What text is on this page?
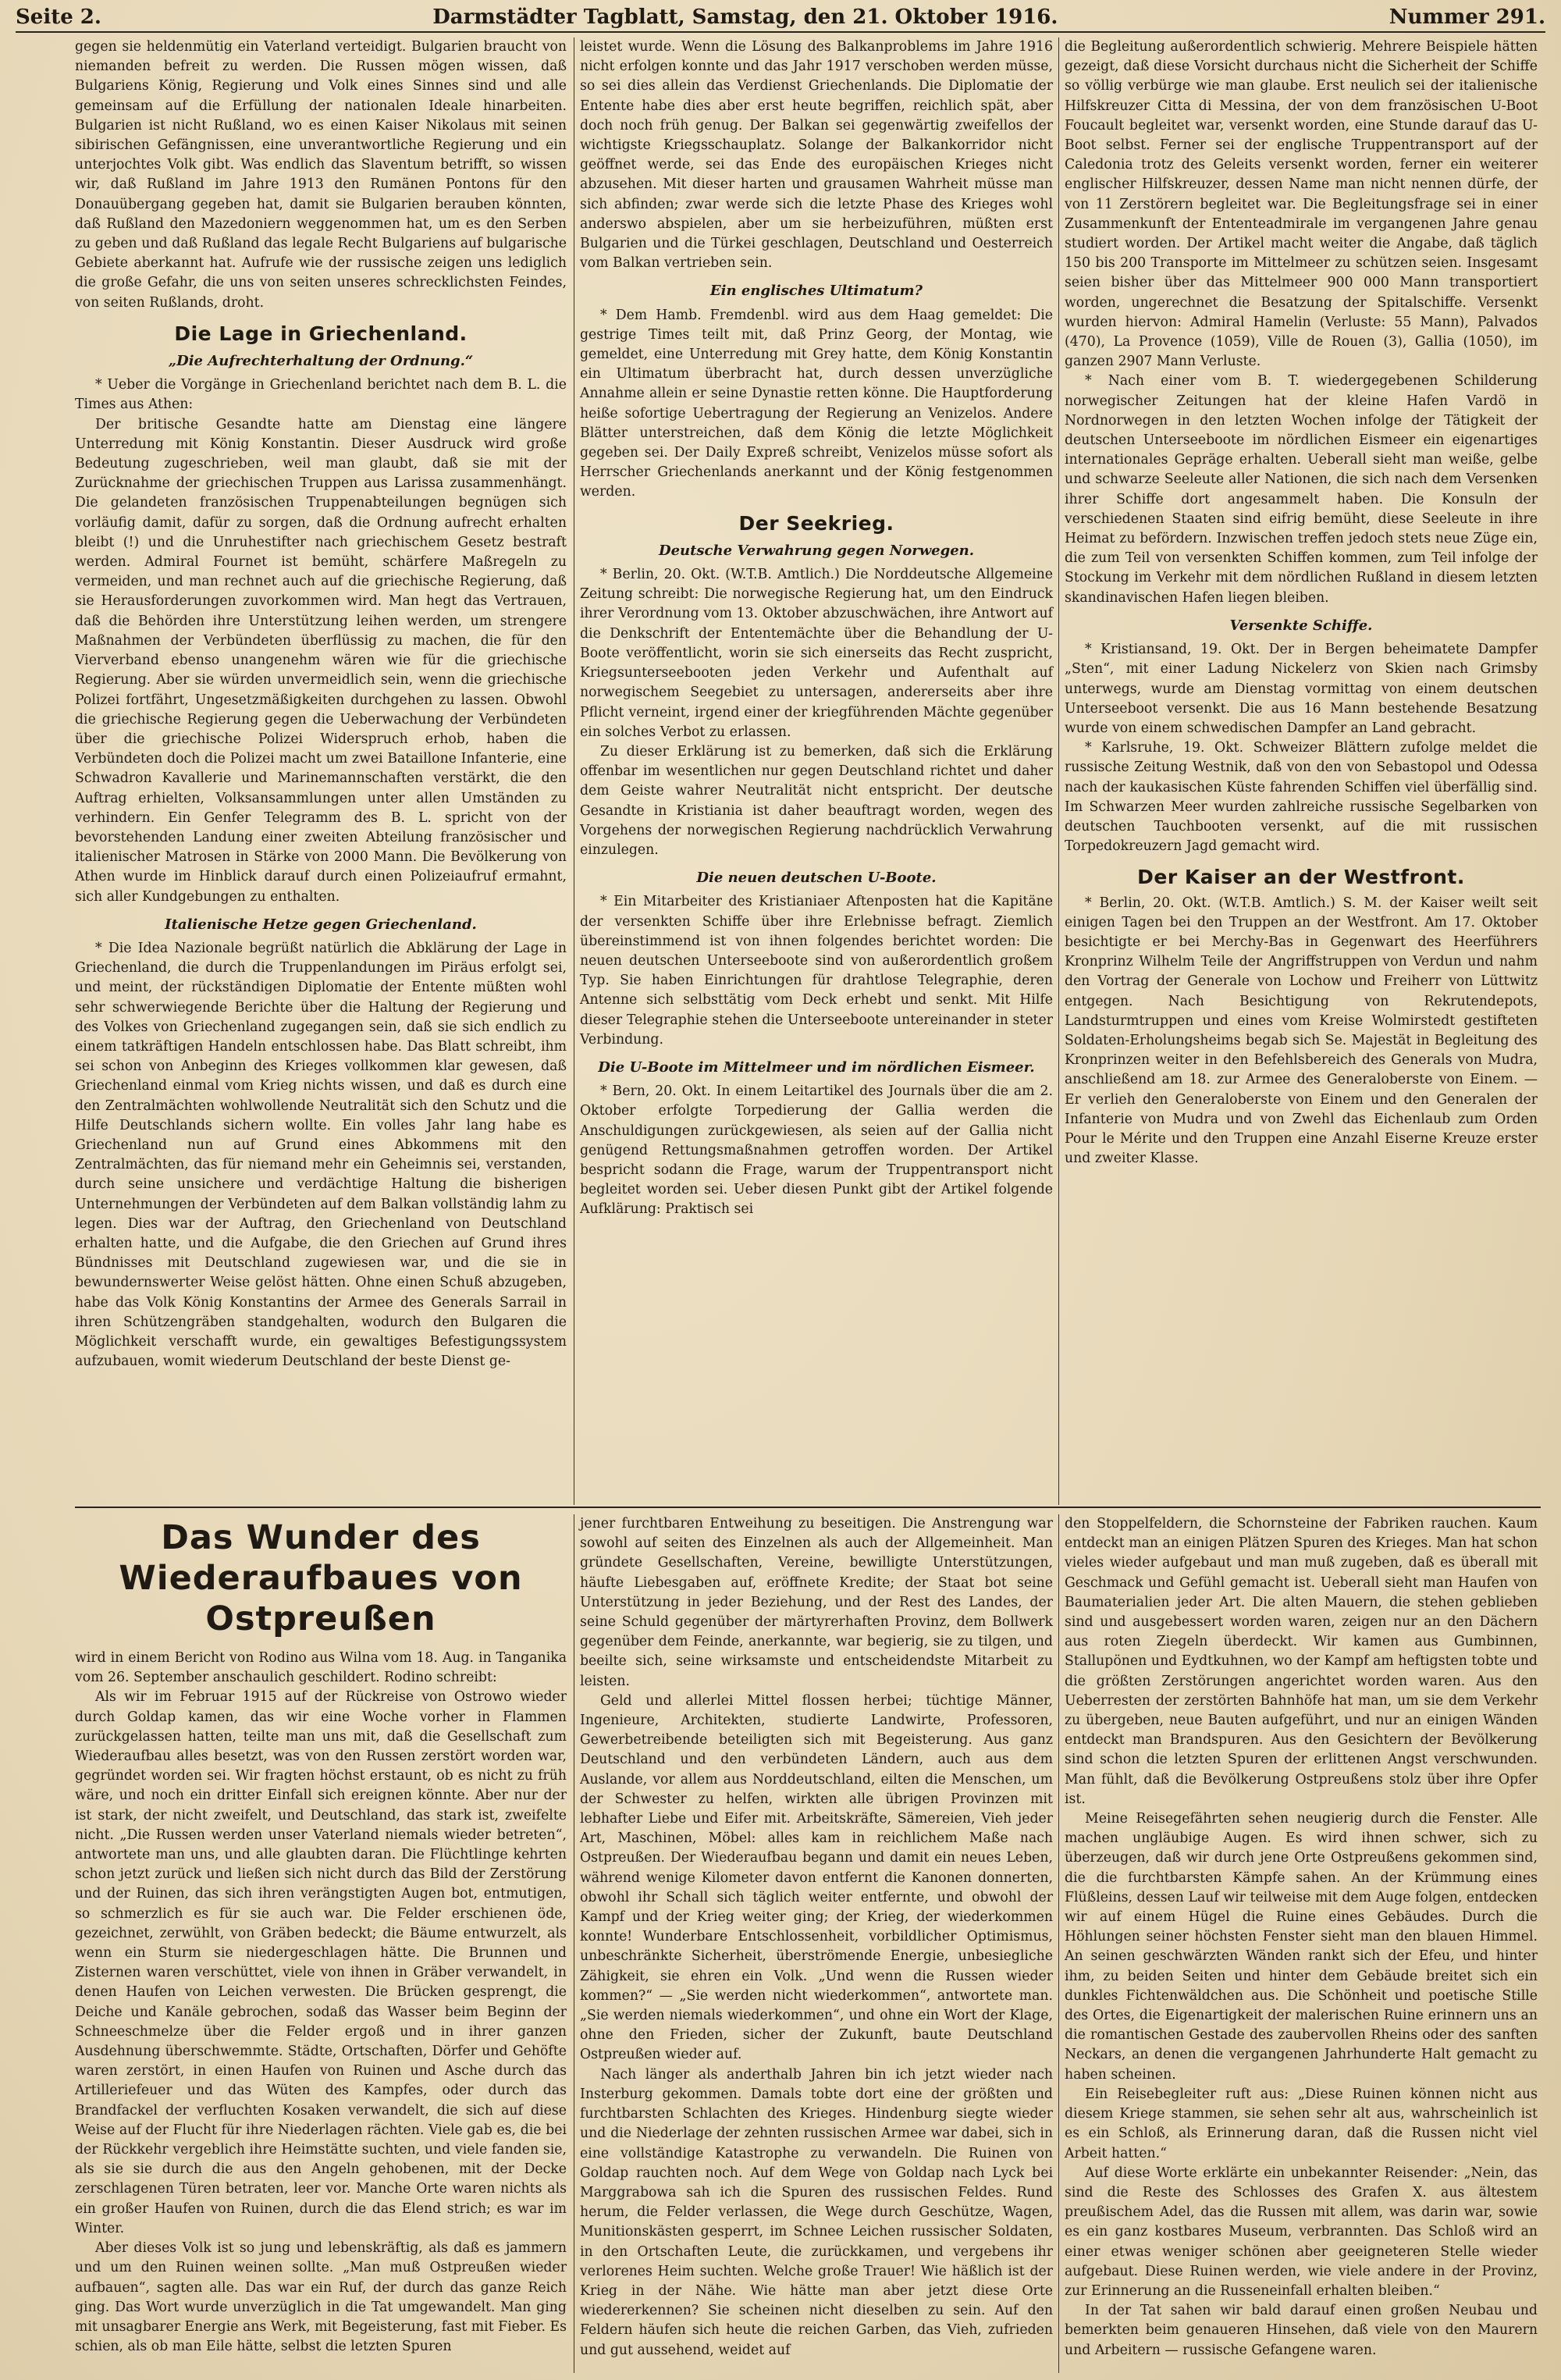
Seite 2.	Darmstädter Tagblatt, Samstag, den 21. Oktober 1916.	Nummer 291.

gegen sie heldenmütig ein Vaterland verteidigt. Bulgarien braucht von niemanden befreit zu werden. Die Russen mögen wissen, daß Bulgariens König, Regierung und Volk eines Sinnes sind und alle gemeinsam auf die Erfüllung der nationalen Ideale hinarbeiten. Bulgarien ist nicht Rußland, wo es einen Kaiser Nikolaus mit seinen sibirischen Gefängnissen, eine unverantwortliche Regierung und ein unterjochtes Volk gibt. Was endlich das Slaventum betrifft, so wissen wir, daß Rußland im Jahre 1913 den Rumänen Pontons für den Donauübergang gegeben hat, damit sie Bulgarien berauben könnten, daß Rußland den Mazedoniern weggenommen hat, um es den Serben zu geben und daß Rußland das legale Recht Bulgariens auf bulgarische Gebiete aberkannt hat. Aufrufe wie der russische zeigen uns lediglich die große Gefahr, die uns von seiten unseres schrecklichsten Feindes, von seiten Rußlands, droht.

Die Lage in Griechenland.
„Die Aufrechterhaltung der Ordnung.“

* Ueber die Vorgänge in Griechenland berichtet nach dem B. L. die Times aus Athen:

Der britische Gesandte hatte am Dienstag eine längere Unterredung mit König Konstantin. Dieser Ausdruck wird große Bedeutung zugeschrieben, weil man glaubt, daß sie mit der Zurücknahme der griechischen Truppen aus Larissa zusammenhängt. Die gelandeten französischen Truppenabteilungen begnügen sich vorläufig damit, dafür zu sorgen, daß die Ordnung aufrecht erhalten bleibt (!) und die Unruhestifter nach griechischem Gesetz bestraft werden. Admiral Fournet ist bemüht, schärfere Maßregeln zu vermeiden, und man rechnet auch auf die griechische Regierung, daß sie Herausforderungen zuvorkommen wird. Man hegt das Vertrauen, daß die Behörden ihre Unterstützung leihen werden, um strengere Maßnahmen der Verbündeten überflüssig zu machen, die für den Vierverband ebenso unangenehm wären wie für die griechische Regierung. Aber sie würden unvermeidlich sein, wenn die griechische Polizei fortfährt, Ungesetzmäßigkeiten durchgehen zu lassen. Obwohl die griechische Regierung gegen die Ueberwachung der Verbündeten über die griechische Polizei Widerspruch erhob, haben die Verbündeten doch die Polizei macht um zwei Bataillone Infanterie, eine Schwadron Kavallerie und Marinemannschaften verstärkt, die den Auftrag erhielten, Volksansammlungen unter allen Umständen zu verhindern. Ein Genfer Telegramm des B. L. spricht von der bevorstehenden Landung einer zweiten Abteilung französischer und italienischer Matrosen in Stärke von 2000 Mann. Die Bevölkerung von Athen wurde im Hinblick darauf durch einen Polizeiaufruf ermahnt, sich aller Kundgebungen zu enthalten.

Italienische Hetze gegen Griechenland.

* Die Idea Nazionale begrüßt natürlich die Abklärung der Lage in Griechenland, die durch die Truppenlandungen im Piräus erfolgt sei, und meint, der rückständigen Diplomatie der Entente müßten wohl sehr schwerwiegende Berichte über die Haltung der Regierung und des Volkes von Griechenland zugegangen sein, daß sie sich endlich zu einem tatkräftigen Handeln entschlossen habe. Das Blatt schreibt, ihm sei schon von Anbeginn des Krieges vollkommen klar gewesen, daß Griechenland einmal vom Krieg nichts wissen, und daß es durch eine den Zentralmächten wohlwollende Neutralität sich den Schutz und die Hilfe Deutschlands sichern wollte. Ein volles Jahr lang habe es Griechenland nun auf Grund eines Abkommens mit den Zentralmächten, das für niemand mehr ein Geheimnis sei, verstanden, durch seine unsichere und verdächtige Haltung die bisherigen Unternehmungen der Verbündeten auf dem Balkan vollständig lahm zu legen. Dies war der Auftrag, den Griechenland von Deutschland erhalten hatte, und die Aufgabe, die den Griechen auf Grund ihres Bündnisses mit Deutschland zugewiesen war, und die sie in bewundernswerter Weise gelöst hätten. Ohne einen Schuß abzugeben, habe das Volk König Konstantins der Armee des Generals Sarrail in ihren Schützengräben standgehalten, wodurch den Bulgaren die Möglichkeit verschafft wurde, ein gewaltiges Befestigungssystem aufzubauen, womit wiederum Deutschland der beste Dienst ge-

leistet wurde. Wenn die Lösung des Balkanproblems im Jahre 1916 nicht erfolgen konnte und das Jahr 1917 verschoben werden müsse, so sei dies allein das Verdienst Griechenlands. Die Diplomatie der Entente habe dies aber erst heute begriffen, reichlich spät, aber doch noch früh genug. Der Balkan sei gegenwärtig zweifellos der wichtigste Kriegsschauplatz. Solange der Balkankorridor nicht geöffnet werde, sei das Ende des europäischen Krieges nicht abzusehen. Mit dieser harten und grausamen Wahrheit müsse man sich abfinden; zwar werde sich die letzte Phase des Krieges wohl anderswo abspielen, aber um sie herbeizuführen, müßten erst Bulgarien und die Türkei geschlagen, Deutschland und Oesterreich vom Balkan vertrieben sein.

Ein englisches Ultimatum?

* Dem Hamb. Fremdenbl. wird aus dem Haag gemeldet: Die gestrige Times teilt mit, daß Prinz Georg, der Montag, wie gemeldet, eine Unterredung mit Grey hatte, dem König Konstantin ein Ultimatum überbracht hat, durch dessen unverzügliche Annahme allein er seine Dynastie retten könne. Die Hauptforderung heiße sofortige Uebertragung der Regierung an Venizelos. Andere Blätter unterstreichen, daß dem König die letzte Möglichkeit gegeben sei. Der Daily Expreß schreibt, Venizelos müsse sofort als Herrscher Griechenlands anerkannt und der König festgenommen werden.

Der Seekrieg.
Deutsche Verwahrung gegen Norwegen.

* Berlin, 20. Okt. (W.T.B. Amtlich.) Die Norddeutsche Allgemeine Zeitung schreibt: Die norwegische Regierung hat, um den Eindruck ihrer Verordnung vom 13. Oktober abzuschwächen, ihre Antwort auf die Denkschrift der Ententemächte über die Behandlung der U-Boote veröffentlicht, worin sie sich einerseits das Recht zuspricht, Kriegsunterseebooten jeden Verkehr und Aufenthalt auf norwegischem Seegebiet zu untersagen, andererseits aber ihre Pflicht verneint, irgend einer der kriegführenden Mächte gegenüber ein solches Verbot zu erlassen.

Zu dieser Erklärung ist zu bemerken, daß sich die Erklärung offenbar im wesentlichen nur gegen Deutschland richtet und daher dem Geiste wahrer Neutralität nicht entspricht. Der deutsche Gesandte in Kristiania ist daher beauftragt worden, wegen des Vorgehens der norwegischen Regierung nachdrücklich Verwahrung einzulegen.

Die neuen deutschen U-Boote.

* Ein Mitarbeiter des Kristianiaer Aftenposten hat die Kapitäne der versenkten Schiffe über ihre Erlebnisse befragt. Ziemlich übereinstimmend ist von ihnen folgendes berichtet worden: Die neuen deutschen Unterseeboote sind von außerordentlich großem Typ. Sie haben Einrichtungen für drahtlose Telegraphie, deren Antenne sich selbsttätig vom Deck erhebt und senkt. Mit Hilfe dieser Telegraphie stehen die Unterseeboote untereinander in steter Verbindung.

Die U-Boote im Mittelmeer und im nördlichen Eismeer.

* Bern, 20. Okt. In einem Leitartikel des Journals über die am 2. Oktober erfolgte Torpedierung der Gallia werden die Anschuldigungen zurückgewiesen, als seien auf der Gallia nicht genügend Rettungsmaßnahmen getroffen worden. Der Artikel bespricht sodann die Frage, warum der Truppentransport nicht begleitet worden sei. Ueber diesen Punkt gibt der Artikel folgende Aufklärung: Praktisch sei

die Begleitung außerordentlich schwierig. Mehrere Beispiele hätten gezeigt, daß diese Vorsicht durchaus nicht die Sicherheit der Schiffe so völlig verbürge wie man glaube. Erst neulich sei der italienische Hilfskreuzer Citta di Messina, der von dem französischen U-Boot Foucault begleitet war, versenkt worden, eine Stunde darauf das U-Boot selbst. Ferner sei der englische Truppentransport auf der Caledonia trotz des Geleits versenkt worden, ferner ein weiterer englischer Hilfskreuzer, dessen Name man nicht nennen dürfe, der von 11 Zerstörern begleitet war. Die Begleitungsfrage sei in einer Zusammenkunft der Ententeadmirale im vergangenen Jahre genau studiert worden. Der Artikel macht weiter die Angabe, daß täglich 150 bis 200 Transporte im Mittelmeer zu schützen seien. Insgesamt seien bisher über das Mittelmeer 900 000 Mann transportiert worden, ungerechnet die Besatzung der Spitalschiffe. Versenkt wurden hiervon: Admiral Hamelin (Verluste: 55 Mann), Palvados (470), La Provence (1059), Ville de Rouen (3), Gallia (1050), im ganzen 2907 Mann Verluste.

* Nach einer vom B. T. wiedergegebenen Schilderung norwegischer Zeitungen hat der kleine Hafen Vardö in Nordnorwegen in den letzten Wochen infolge der Tätigkeit der deutschen Unterseeboote im nördlichen Eismeer ein eigenartiges internationales Gepräge erhalten. Ueberall sieht man weiße, gelbe und schwarze Seeleute aller Nationen, die sich nach dem Versenken ihrer Schiffe dort angesammelt haben. Die Konsuln der verschiedenen Staaten sind eifrig bemüht, diese Seeleute in ihre Heimat zu befördern. Inzwischen treffen jedoch stets neue Züge ein, die zum Teil von versenkten Schiffen kommen, zum Teil infolge der Stockung im Verkehr mit dem nördlichen Rußland in diesem letzten skandinavischen Hafen liegen bleiben.

Versenkte Schiffe.

* Kristiansand, 19. Okt. Der in Bergen beheimatete Dampfer „Sten“, mit einer Ladung Nickelerz von Skien nach Grimsby unterwegs, wurde am Dienstag vormittag von einem deutschen Unterseeboot versenkt. Die aus 16 Mann bestehende Besatzung wurde von einem schwedischen Dampfer an Land gebracht.

* Karlsruhe, 19. Okt. Schweizer Blättern zufolge meldet die russische Zeitung Westnik, daß von den von Sebastopol und Odessa nach der kaukasischen Küste fahrenden Schiffen viel überfällig sind. Im Schwarzen Meer wurden zahlreiche russische Segelbarken von deutschen Tauchbooten versenkt, auf die mit russischen Torpedokreuzern Jagd gemacht wird.

Der Kaiser an der Westfront.

* Berlin, 20. Okt. (W.T.B. Amtlich.) S. M. der Kaiser weilt seit einigen Tagen bei den Truppen an der Westfront. Am 17. Oktober besichtigte er bei Merchy-Bas in Gegenwart des Heerführers Kronprinz Wilhelm Teile der Angriffstruppen von Verdun und nahm den Vortrag der Generale von Lochow und Freiherr von Lüttwitz entgegen. Nach Besichtigung von Rekrutendepots, Landsturmtruppen und eines vom Kreise Wolmirstedt gestifteten Soldaten-Erholungsheims begab sich Se. Majestät in Begleitung des Kronprinzen weiter in den Befehlsbereich des Generals von Mudra, anschließend am 18. zur Armee des Generaloberste von Einem. — Er verlieh den Generaloberste von Einem und den Generalen der Infanterie von Mudra und von Zwehl das Eichenlaub zum Orden Pour le Mérite und den Truppen eine Anzahl Eiserne Kreuze erster und zweiter Klasse.

Das Wunder des Wiederaufbaues von Ostpreußen

wird in einem Bericht von Rodino aus Wilna vom 18. Aug. in Tanganika vom 26. September anschaulich geschildert. Rodino schreibt:

Als wir im Februar 1915 auf der Rückreise von Ostrowo wieder durch Goldap kamen, das wir eine Woche vorher in Flammen zurückgelassen hatten, teilte man uns mit, daß die Gesellschaft zum Wiederaufbau alles besetzt, was von den Russen zerstört worden war, gegründet worden sei. Wir fragten höchst erstaunt, ob es nicht zu früh wäre, und noch ein dritter Einfall sich ereignen könnte. Aber nur der ist stark, der nicht zweifelt, und Deutschland, das stark ist, zweifelte nicht. „Die Russen werden unser Vaterland niemals wieder betreten“, antwortete man uns, und alle glaubten daran. Die Flüchtlinge kehrten schon jetzt zurück und ließen sich nicht durch das Bild der Zerstörung und der Ruinen, das sich ihren verängstigten Augen bot, entmutigen, so schmerzlich es für sie auch war. Die Felder erschienen öde, gezeichnet, zerwühlt, von Gräben bedeckt; die Bäume entwurzelt, als wenn ein Sturm sie niedergeschlagen hätte. Die Brunnen und Zisternen waren verschüttet, viele von ihnen in Gräber verwandelt, in denen Haufen von Leichen verwesten. Die Brücken gesprengt, die Deiche und Kanäle gebrochen, sodaß das Wasser beim Beginn der Schneeschmelze über die Felder ergoß und in ihrer ganzen Ausdehnung überschwemmte. Städte, Ortschaften, Dörfer und Gehöfte waren zerstört, in einen Haufen von Ruinen und Asche durch das Artilleriefeuer und das Wüten des Kampfes, oder durch das Brandfackel der verfluchten Kosaken verwandelt, die sich auf diese Weise auf der Flucht für ihre Niederlagen rächten. Viele gab es, die bei der Rückkehr vergeblich ihre Heimstätte suchten, und viele fanden sie, als sie sie durch die aus den Angeln gehobenen, mit der Decke zerschlagenen Türen betraten, leer vor. Manche Orte waren nichts als ein großer Haufen von Ruinen, durch die das Elend strich; es war im Winter.

Aber dieses Volk ist so jung und lebenskräftig, als daß es jammern und um den Ruinen weinen sollte. „Man muß Ostpreußen wieder aufbauen“, sagten alle. Das war ein Ruf, der durch das ganze Reich ging. Das Wort wurde unverzüglich in die Tat umgewandelt. Man ging mit unsagbarer Energie ans Werk, mit Begeisterung, fast mit Fieber. Es schien, als ob man Eile hätte, selbst die letzten Spuren

jener furchtbaren Entweihung zu beseitigen. Die Anstrengung war sowohl auf seiten des Einzelnen als auch der Allgemeinheit. Man gründete Gesellschaften, Vereine, bewilligte Unterstützungen, häufte Liebesgaben auf, eröffnete Kredite; der Staat bot seine Unterstützung in jeder Beziehung, und der Rest des Landes, der seine Schuld gegenüber der märtyrerhaften Provinz, dem Bollwerk gegenüber dem Feinde, anerkannte, war begierig, sie zu tilgen, und beeilte sich, seine wirksamste und entscheidendste Mitarbeit zu leisten.

Geld und allerlei Mittel flossen herbei; tüchtige Männer, Ingenieure, Architekten, studierte Landwirte, Professoren, Gewerbetreibende beteiligten sich mit Begeisterung. Aus ganz Deutschland und den verbündeten Ländern, auch aus dem Auslande, vor allem aus Norddeutschland, eilten die Menschen, um der Schwester zu helfen, wirkten alle übrigen Provinzen mit lebhafter Liebe und Eifer mit. Arbeitskräfte, Sämereien, Vieh jeder Art, Maschinen, Möbel: alles kam in reichlichem Maße nach Ostpreußen. Der Wiederaufbau begann und damit ein neues Leben, während wenige Kilometer davon entfernt die Kanonen donnerten, obwohl ihr Schall sich täglich weiter entfernte, und obwohl der Kampf und der Krieg weiter ging; der Krieg, der wiederkommen konnte! Wunderbare Entschlossenheit, vorbildlicher Optimismus, unbeschränkte Sicherheit, überströmende Energie, unbesiegliche Zähigkeit, sie ehren ein Volk. „Und wenn die Russen wieder kommen?“ — „Sie werden nicht wiederkommen“, antwortete man. „Sie werden niemals wiederkommen“, und ohne ein Wort der Klage, ohne den Frieden, sicher der Zukunft, baute Deutschland Ostpreußen wieder auf.

Nach länger als anderthalb Jahren bin ich jetzt wieder nach Insterburg gekommen. Damals tobte dort eine der größten und furchtbarsten Schlachten des Krieges. Hindenburg siegte wieder und die Niederlage der zehnten russischen Armee war dabei, sich in eine vollständige Katastrophe zu verwandeln. Die Ruinen von Goldap rauchten noch. Auf dem Wege von Goldap nach Lyck bei Marggrabowa sah ich die Spuren des russischen Feldes. Rund herum, die Felder verlassen, die Wege durch Geschütze, Wagen, Munitionskästen gesperrt, im Schnee Leichen russischer Soldaten, in den Ortschaften Leute, die zurückkamen, und vergebens ihr verlorenes Heim suchten. Welche große Trauer! Wie häßlich ist der Krieg in der Nähe. Wie hätte man aber jetzt diese Orte wiedererkennen? Sie scheinen nicht dieselben zu sein. Auf den Feldern häufen sich heute die reichen Garben, das Vieh, zufrieden und gut aussehend, weidet auf

den Stoppelfeldern, die Schornsteine der Fabriken rauchen. Kaum entdeckt man an einigen Plätzen Spuren des Krieges. Man hat schon vieles wieder aufgebaut und man muß zugeben, daß es überall mit Geschmack und Gefühl gemacht ist. Ueberall sieht man Haufen von Baumaterialien jeder Art. Die alten Mauern, die stehen geblieben sind und ausgebessert worden waren, zeigen nur an den Dächern aus roten Ziegeln überdeckt. Wir kamen aus Gumbinnen, Stallupönen und Eydtkuhnen, wo der Kampf am heftigsten tobte und die größten Zerstörungen angerichtet worden waren. Aus den Ueberresten der zerstörten Bahnhöfe hat man, um sie dem Verkehr zu übergeben, neue Bauten aufgeführt, und nur an einigen Wänden entdeckt man Brandspuren. Aus den Gesichtern der Bevölkerung sind schon die letzten Spuren der erlittenen Angst verschwunden. Man fühlt, daß die Bevölkerung Ostpreußens stolz über ihre Opfer ist.

Meine Reisegefährten sehen neugierig durch die Fenster. Alle machen ungläubige Augen. Es wird ihnen schwer, sich zu überzeugen, daß wir durch jene Orte Ostpreußens gekommen sind, die die furchtbarsten Kämpfe sahen. An der Krümmung eines Flüßleins, dessen Lauf wir teilweise mit dem Auge folgen, entdecken wir auf einem Hügel die Ruine eines Gebäudes. Durch die Höhlungen seiner höchsten Fenster sieht man den blauen Himmel. An seinen geschwärzten Wänden rankt sich der Efeu, und hinter ihm, zu beiden Seiten und hinter dem Gebäude breitet sich ein dunkles Fichtenwäldchen aus. Die Schönheit und poetische Stille des Ortes, die Eigenartigkeit der malerischen Ruine erinnern uns an die romantischen Gestade des zaubervollen Rheins oder des sanften Neckars, an denen die vergangenen Jahrhunderte Halt gemacht zu haben scheinen.

Ein Reisebegleiter ruft aus: „Diese Ruinen können nicht aus diesem Kriege stammen, sie sehen sehr alt aus, wahrscheinlich ist es ein Schloß, als Erinnerung daran, daß die Russen nicht viel Arbeit hatten.“

Auf diese Worte erklärte ein unbekannter Reisender: „Nein, das sind die Reste des Schlosses des Grafen X. aus ältestem preußischem Adel, das die Russen mit allem, was darin war, sowie es ein ganz kostbares Museum, verbrannten. Das Schloß wird an einer etwas weniger schönen aber geeigneteren Stelle wieder aufgebaut. Diese Ruinen werden, wie viele andere in der Provinz, zur Erinnerung an die Russeneinfall erhalten bleiben.“

In der Tat sahen wir bald darauf einen großen Neubau und bemerkten beim genaueren Hinsehen, daß viele von den Maurern und Arbeitern — russische Gefangene waren.
